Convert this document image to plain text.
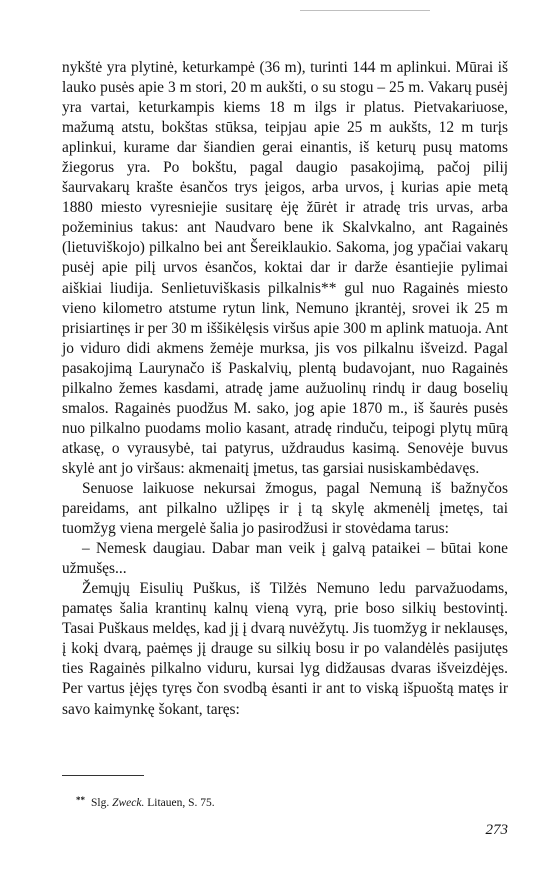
nykštė yra plytinė, keturkampė (36 m), turinti 144 m aplinkui. Mūrai iš lauko pusės apie 3 m stori, 20 m aukšti, o su stogu – 25 m. Vakarų pusėj yra vartai, keturkampis kiems 18 m ilgs ir platus. Pietvakariuose, mažumą atstu, bokštas stūksa, teipjau apie 25 m aukšts, 12 m turįs aplinkui, kurame dar šiandien gerai einantis, iš keturų pusų matoms žiegorus yra. Po bokštu, pagal daugio pasakojimą, pačoj pilij šaurvakarų krašte ėsančos trys įeigos, arba urvos, į kurias apie metą 1880 miesto vyresniejie susitarę ėję žūrėt ir atradę tris urvas, arba požeminius takus: ant Naudvaro bene ik Skalvkalno, ant Ragainės (lietuviškojo) pilkalno bei ant Šereiklaukio. Sakoma, jog ypačiai vakarų pusėj apie pilį urvos ėsančos, koktai dar ir darže ėsantiejie pylimai aiškiai liudija. Senlietuviškasis pilkalnis** gul nuo Ragainės miesto vieno kilometro atstume rytun link, Nemuno įkrantėj, srovei ik 25 m prisiartinęs ir per 30 m iššikėlęsis viršus apie 300 m aplink matuoja. Ant jo viduro didi akmens žemėje murksa, jis vos pilkalnu išveizd. Pagal pasakojimą Laurynačo iš Paskalvių, plentą budavojant, nuo Ragainės pilkalno žemes kasdami, atradę jame aužuolinų rindų ir daug boselių smalos. Ragainės puodžus M. sako, jog apie 1870 m., iš šaurės pusės nuo pilkalno puodams molio kasant, atradę rinduču, teipogi plytų mūrą atkasę, o vyrausybė, tai patyrus, uždraudus kasimą. Senovėje buvus skylė ant jo viršaus: akmenaitį įmetus, tas garsiai nusiskambėdavęs.

Senuose laikuose nekursai žmogus, pagal Nemuną iš bažnyčos pareidams, ant pilkalno užlipęs ir į tą skylę akmenėlį įmetęs, tai tuomžyg viena mergelė šalia jo pasirodžusi ir stovėdama tarus:

– Nemesk daugiau. Dabar man veik į galvą pataikei – būtai kone užmušęs...

Žemųjų Eisulių Puškus, iš Tilžės Nemuno ledu parvažuodams, pamatęs šalia krantinų kalnų vieną vyrą, prie boso silkių bestovintį. Tasai Puškaus meldęs, kad jį į dvarą nuvėžytų. Jis tuomžyg ir neklausęs, į kokį dvarą, paėmęs jį drauge su silkių bosu ir po valandėlės pasijutęs ties Ragainės pilkalno viduru, kursai lyg didžausas dvaras išveizdėjęs. Per vartus įėjęs tyręs čon svodbą ėsanti ir ant to viską išpuoštą matęs ir savo kaimynkę šokant, taręs:

** Slg. Zweck. Litauen, S. 75.
273
